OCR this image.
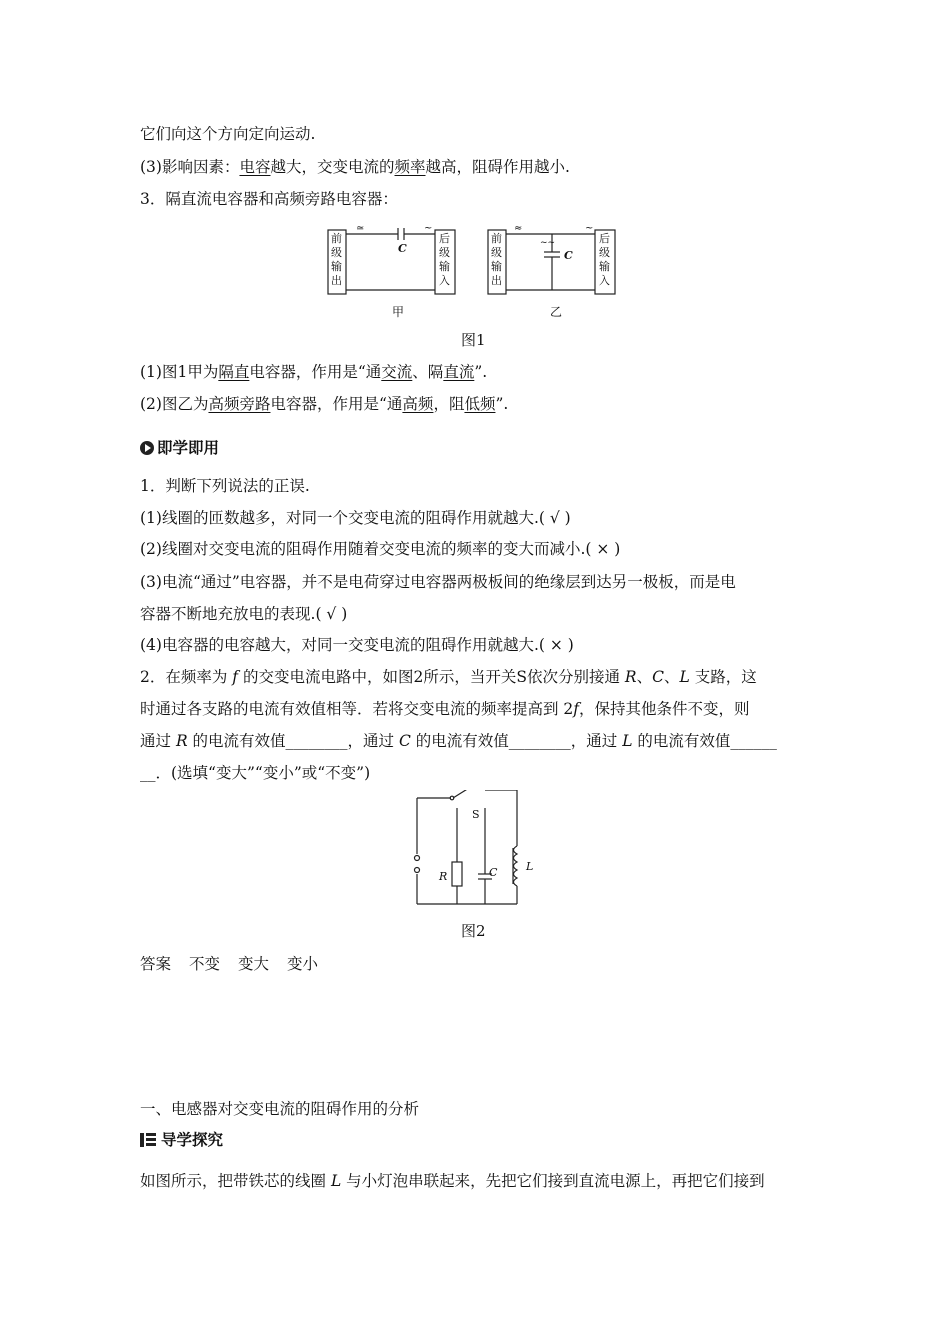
它们向这个方向定向运动.
(3)影响因素：电容越大，交变电流的频率越高，阻碍作用越小.
3．隔直流电容器和高频旁路电容器：
前
级
输
出
后
级
输
入
≃	~
C
甲
前
级
输
出
后
级
输
入
≈
~~
~
C
乙
图1
(1)图1甲为隔直电容器，作用是“通交流、隔直流”.
(2)图乙为高频旁路电容器，作用是“通高频，阻低频”.
即学即用
1．判断下列说法的正误.
(1)线圈的匝数越多，对同一个交变电流的阻碍作用就越大.( √ )
(2)线圈对交变电流的阻碍作用随着交变电流的频率的变大而减小.( × )
(3)电流“通过”电容器，并不是电荷穿过电容器两极板间的绝缘层到达另一极板，而是电
容器不断地充放电的表现.( √ )
(4)电容器的电容越大，对同一交变电流的阻碍作用就越大.( × )
2．在频率为 f 的交变电流电路中，如图2所示，当开关S依次分别接通 R、C、L 支路，这
时通过各支路的电流有效值相等．若将交变电流的频率提高到 2f，保持其他条件不变，则
通过 R 的电流有效值________，通过 C 的电流有效值________，通过 L 的电流有效值______
__．(选填“变大”“变小”或“不变”)
S
R	C	L
图2
答案 不变 变大 变小
一、电感器对交变电流的阻碍作用的分析
导学探究
如图所示，把带铁芯的线圈 L 与小灯泡串联起来，先把它们接到直流电源上，再把它们接到
